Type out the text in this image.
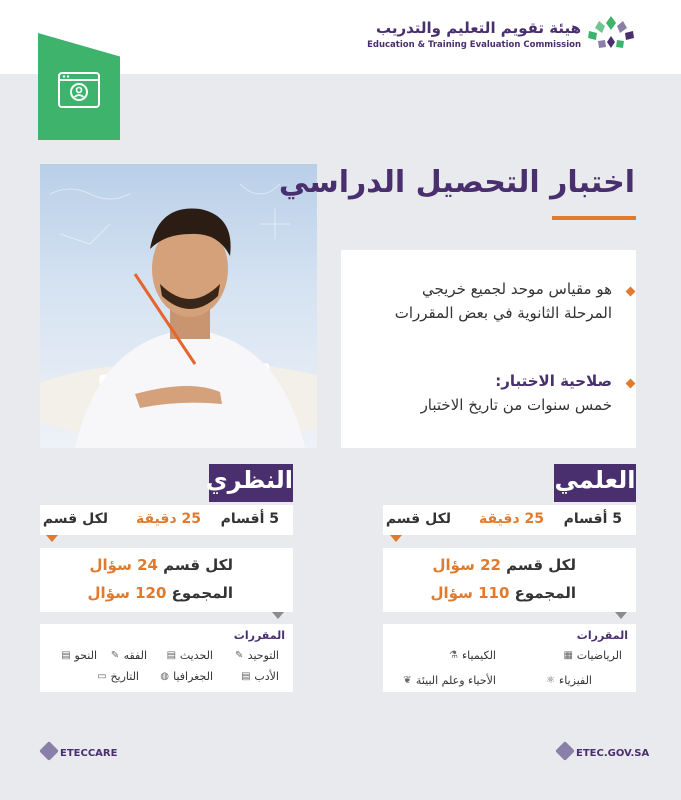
هيئة تقويم التعليم والتدريب
Education & Training Evaluation Commission
اختبار التحصيل الدراسي
هو مقياس موحد لجميع خريجي
المرحلة الثانوية في بعض المقررات
صلاحية الاختبار:
خمس سنوات من تاريخ الاختبار
العلمي
5 أقسام
25 دقيقة
لكل قسم
لكل قسم 22 سؤال
المجموع 110 سؤال
المقررات
الرياضيات
▦
الكيمياء
⚗
الفيزياء
⚛
الأحياء وعلم البيئة
❦
النظري
5 أقسام
25 دقيقة
لكل قسم
لكل قسم 24 سؤال
المجموع 120 سؤال
المقررات
التوحيد
✎
الحديث
▤
الفقه
✎
النحو
▤
الأدب
▤
الجغرافيا
◍
التاريخ
▭
ETECCARE	ETEC.GOV.SA
